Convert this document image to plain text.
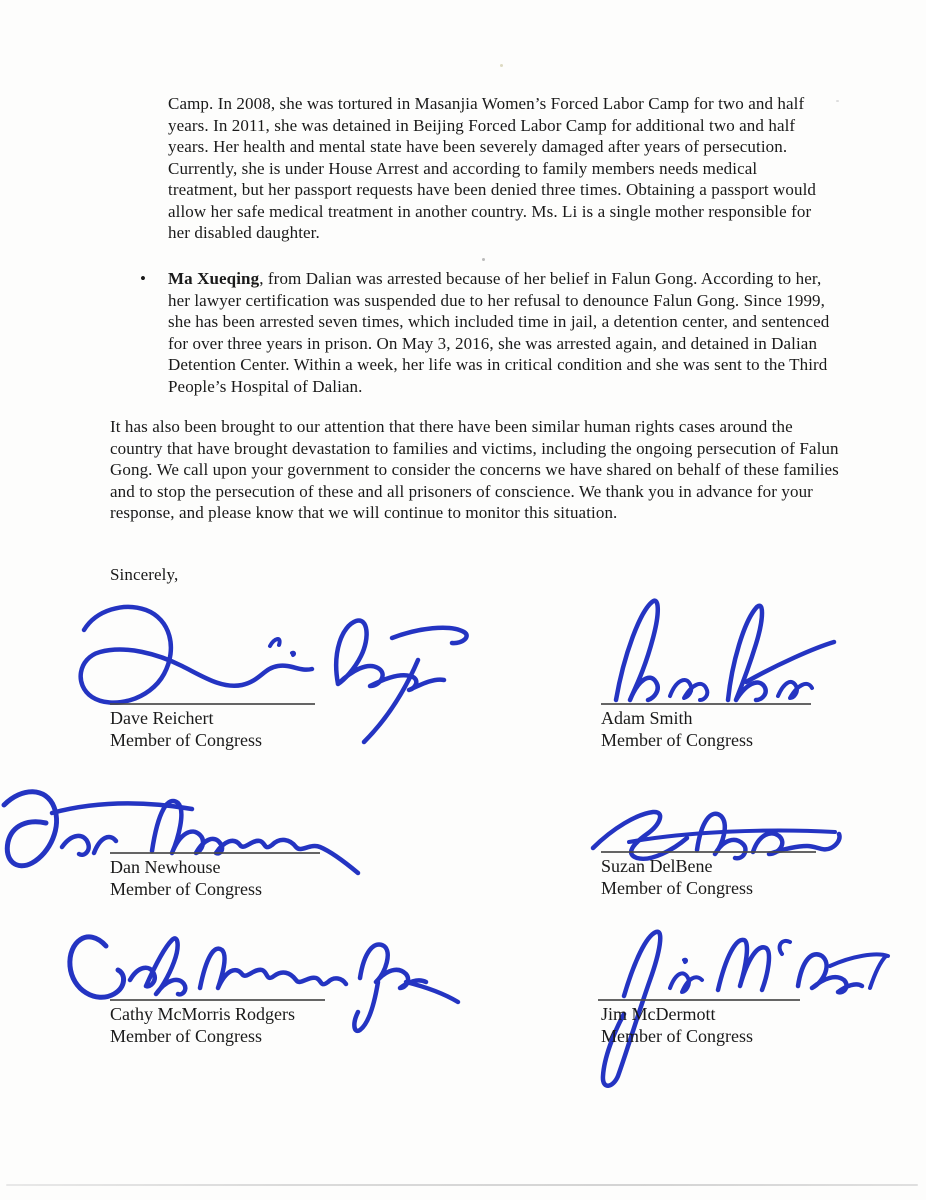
Camp. In 2008, she was tortured in Masanjia Women’s Forced Labor Camp for two and half years. In 2011, she was detained in Beijing Forced Labor Camp for additional two and half years. Her health and mental state have been severely damaged after years of persecution. Currently, she is under House Arrest and according to family members needs medical treatment, but her passport requests have been denied three times. Obtaining a passport would allow her safe medical treatment in another country. Ms. Li is a single mother responsible for her disabled daughter.
• Ma Xueqing, from Dalian was arrested because of her belief in Falun Gong. According to her, her lawyer certification was suspended due to her refusal to denounce Falun Gong. Since 1999, she has been arrested seven times, which included time in jail, a detention center, and sentenced for over three years in prison. On May 3, 2016, she was arrested again, and detained in Dalian Detention Center. Within a week, her life was in critical condition and she was sent to the Third People’s Hospital of Dalian.
It has also been brought to our attention that there have been similar human rights cases around the country that have brought devastation to families and victims, including the ongoing persecution of Falun Gong. We call upon your government to consider the concerns we have shared on behalf of these families and to stop the persecution of these and all prisoners of conscience. We thank you in advance for your response, and please know that we will continue to monitor this situation.
Sincerely,
Dave Reichert
Member of Congress
Adam Smith
Member of Congress
Dan Newhouse
Member of Congress
Suzan DelBene
Member of Congress
Cathy McMorris Rodgers
Member of Congress
Jim McDermott
Member of Congress
